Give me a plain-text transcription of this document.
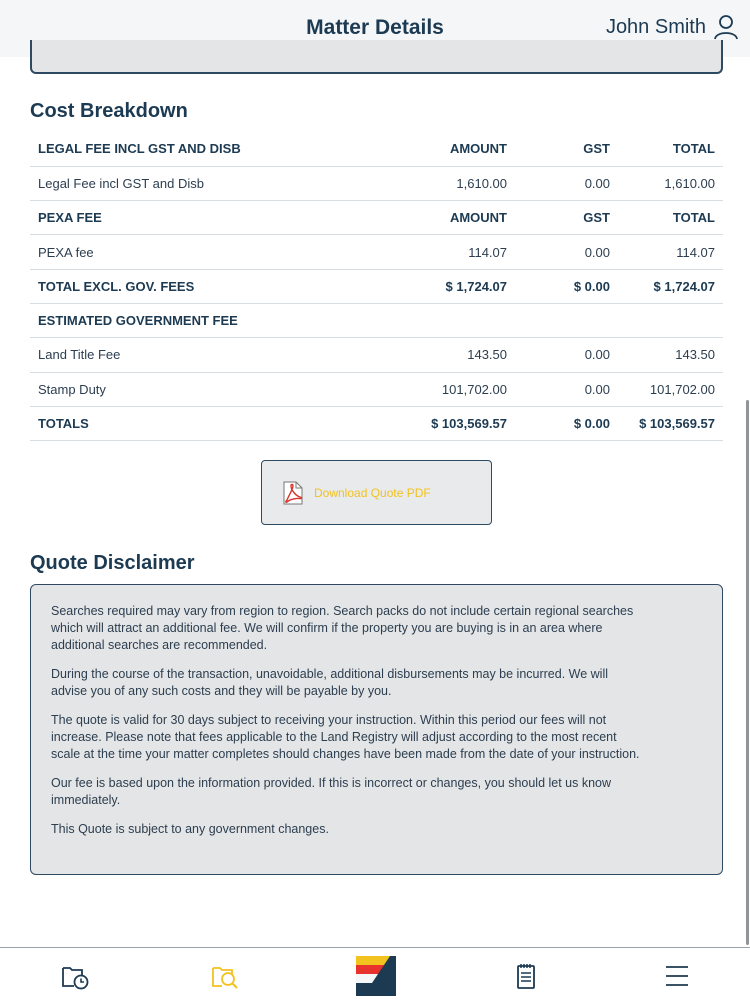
Matter Details	John Smith
Cost Breakdown
LEGAL FEE INCL GST AND DISB	AMOUNT	GST	TOTAL
Legal Fee incl GST and Disb	1,610.00	0.00	1,610.00
PEXA FEE	AMOUNT	GST	TOTAL
PEXA fee	114.07	0.00	114.07
TOTAL EXCL. GOV. FEES	$ 1,724.07	$ 0.00	$ 1,724.07
ESTIMATED GOVERNMENT FEE			
Land Title Fee	143.50	0.00	143.50
Stamp Duty	101,702.00	0.00	101,702.00
TOTALS	$ 103,569.57	$ 0.00	$ 103,569.57
Download Quote PDF
Quote Disclaimer

Searches required may vary from region to region. Search packs do not include certain regional searches which will attract an additional fee. We will confirm if the property you are buying is in an area where additional searches are recommended.

During the course of the transaction, unavoidable, additional disbursements may be incurred. We will advise you of any such costs and they will be payable by you.

The quote is valid for 30 days subject to receiving your instruction. Within this period our fees will not increase. Please note that fees applicable to the Land Registry will adjust according to the most recent scale at the time your matter completes should changes have been made from the date of your instruction.

Our fee is based upon the information provided. If this is incorrect or changes, you should let us know immediately.

This Quote is subject to any government changes.
